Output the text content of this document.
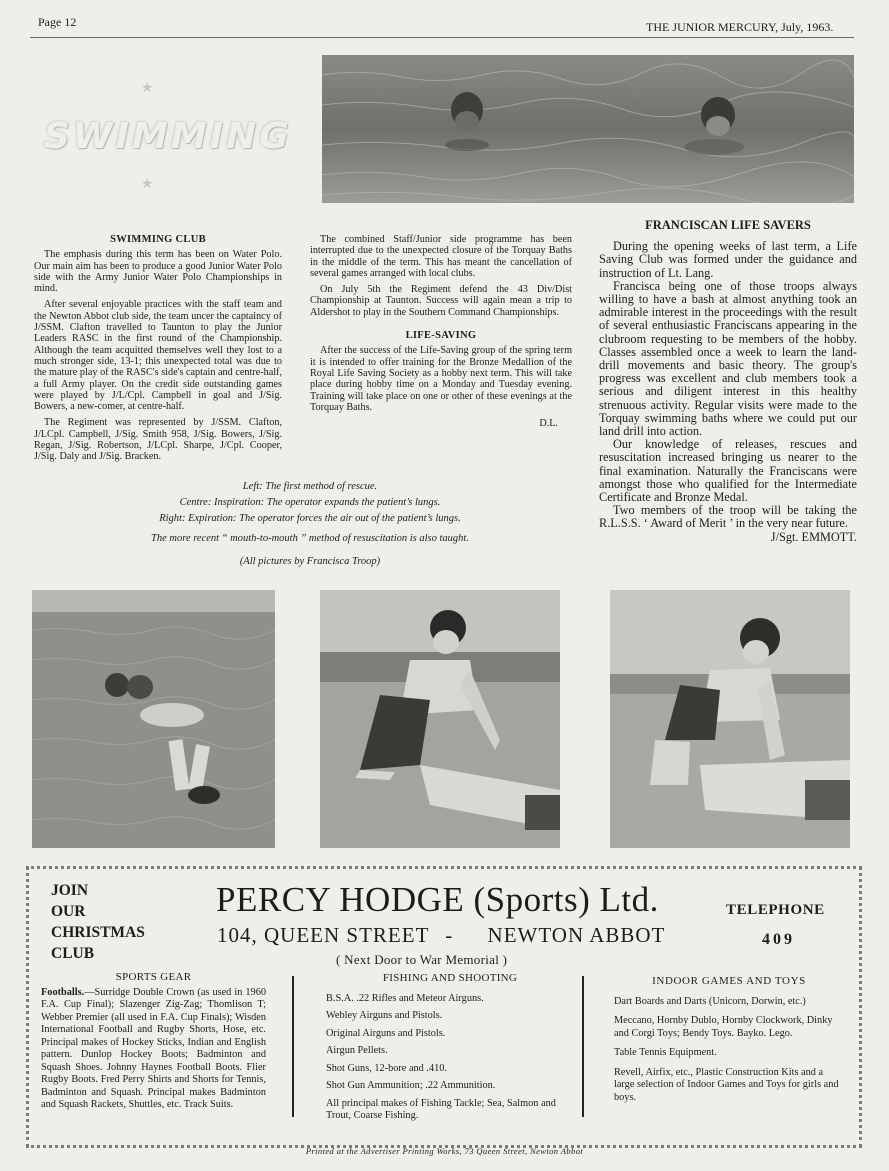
Page 12	THE JUNIOR MERCURY, July, 1963.
★
SWIMMING
★
SWIMMING CLUB

The emphasis during this term has been on Water Polo. Our main aim has been to produce a good Junior Water Polo side with the Army Junior Water Polo Championships in mind.

After several enjoyable practices with the staff team and the Newton Abbot club side, the team uncer the captaincy of J/SSM. Clafton travelled to Taunton to play the Junior Leaders RASC in the first round of the Championship. Although the team acquitted themselves well they lost to a much stronger side, 13-1; this unexpected total was due to the mature play of the RASC's side's captain and centre-half, a full Army player. On the credit side outstanding games were played by J/L/Cpl. Campbell in goal and J/Sig. Bowers, a new-comer, at centre-half.

The Regiment was represented by J/SSM. Clafton, J/LCpl. Campbell, J/Sig. Smith 958, J/Sig. Bowers, J/Sig. Regan, J/Sig. Robertson, J/LCpl. Sharpe, J/Cpl. Cooper, J/Sig. Daly and J/Sig. Bracken.

The combined Staff/Junior side programme has been interrupted due to the unexpected closure of the Torquay Baths in the middle of the term. This has meant the cancellation of several games arranged with local clubs.

On July 5th the Regiment defend the 43 Div/Dist Championship at Taunton. Success will again mean a trip to Aldershot to play in the Southern Command Championships.

LIFE-SAVING

After the success of the Life-Saving group of the spring term it is intended to offer training for the Bronze Medallion of the Royal Life Saving Society as a hobby next term. This will take place during hobby time on a Monday and Tuesday evening. Training will take place on one or other of these evenings at the Torquay Baths.

D.L.
FRANCISCAN LIFE SAVERS

During the opening weeks of last term, a Life Saving Club was formed under the guidance and instruction of Lt. Lang.

Francisca being one of those troops always willing to have a bash at almost anything took an admirable interest in the proceedings with the result of several enthusiastic Franciscans appearing in the clubroom requesting to be members of the hobby. Classes assembled once a week to learn the land-drill movements and basic theory. The group's progress was excellent and club members took a serious and diligent interest in this healthy strenuous activity. Regular visits were made to the Torquay swimming baths where we could put our land drill into action.

Our knowledge of releases, rescues and resuscitation increased bringing us nearer to the final examination. Naturally the Franciscans were amongst those who qualified for the Intermediate Certificate and Bronze Medal.

Two members of the troop will be taking the R.L.S.S. ‘ Award of Merit ’ in the very near future.
J/Sgt. EMMOTT.

Left: The first method of rescue.
Centre: Inspiration: The operator expands the patient’s lungs.
Right: Expiration: The operator forces the air out of the patient’s lungs.
The more recent “ mouth-to-mouth ” method of resuscitation is also taught.
(All pictures by Francisca Troop)
JOIN
OUR
CHRISTMAS
CLUB
PERCY HODGE (Sports) Ltd.
104, QUEEN STREET - NEWTON ABBOT
TELEPHONE
409
( Next Door to War Memorial )
SPORTS GEAR
Footballs.—Surridge Double Crown (as used in 1960 F.A. Cup Final); Slazenger Zig-Zag; Thomlison T; Webber Premier (all used in F.A. Cup Finals); Wisden International Football and Rugby Shorts, Hose, etc. Principal makes of Hockey Sticks, Indian and English pattern. Dunlop Hockey Boots; Badminton and Squash Shoes. Johnny Haynes Football Boots. Flier Rugby Boots. Fred Perry Shirts and Shorts for Tennis, Badminton and Squash. Principal makes Badminton and Squash Rackets, Shuttles, etc. Track Suits.
FISHING AND SHOOTING
B.S.A. .22 Rifles and Meteor Airguns.
Webley Airguns and Pistols.
Original Airguns and Pistols.
Airgun Pellets.
Shot Guns, 12-bore and .410.
Shot Gun Ammunition; .22 Ammunition.
All principal makes of Fishing Tackle; Sea, Salmon and Trout, Coarse Fishing.
INDOOR GAMES AND TOYS
Dart Boards and Darts (Unicorn, Dorwin, etc.)
Meccano, Hornby Dublo, Hornby Clockwork, Dinky and Corgi Toys; Bendy Toys. Bayko. Lego.
Table Tennis Equipment.
Revell, Airfix, etc., Plastic Construction Kits and a large selection of Indoor Games and Toys for girls and boys.
Printed at the Advertiser Printing Works, 73 Queen Street, Newton Abbot
